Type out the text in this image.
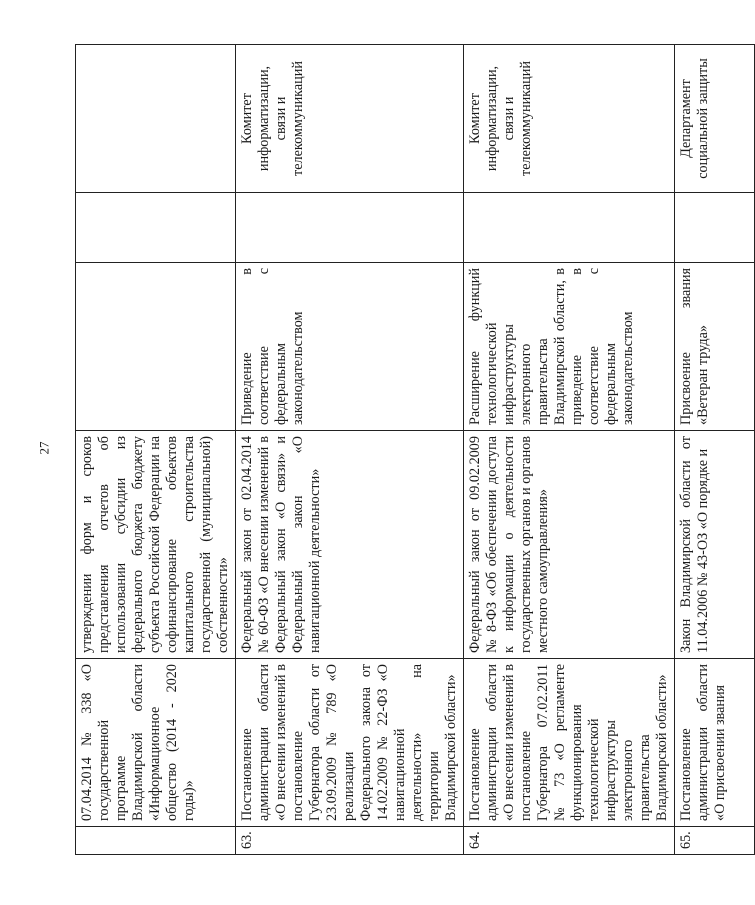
27
	07.04.2014 № 338 «О государственной программе Владимирской области «Информационное общество (2014 - 2020 годы)»	утверждении форм и сроков представления отчетов об использовании субсидии из федерального бюджета бюджету субъекта Российской Федерации на софинансирование объектов капитального строительства государственной (муниципальной) собственности»			
63.	Постановление администрации области «О внесении изменений в постановление Губернатора области от 23.09.2009 № 789 «О реализации Федерального закона от 14.02.2009 № 22-ФЗ «О навигационной деятельности» на территории Владимирской области»	Федеральный закон от 02.04.2014 № 60-ФЗ «О внесении изменений в Федеральный закон «О связи» и Федеральный закон «О навигационной деятельности»	Приведение в соответствие с федеральным законодательством		Комитет информатизации, связи и телекоммуникаций
64.	Постановление администрации области «О внесении изменений в постановление Губернатора 07.02.2011 № 73 «О регламенте функционирования технологической инфраструктуры электронного правительства Владимирской области»	Федеральный закон от 09.02.2009 № 8-ФЗ «Об обеспечении доступа к информации о деятельности государственных органов и органов местного самоуправления»	Расширение функций технологической инфраструктуры электронного правительства Владимирской области, в приведение в соответствие с федеральным законодательством		Комитет информатизации, связи и телекоммуникаций
65.	Постановление администрации области «О присвоении звания	Закон Владимирской области от 11.04.2006 № 43-ОЗ «О порядке и	Присвоение звания «Ветеран труда»		Департамент социальной защиты
